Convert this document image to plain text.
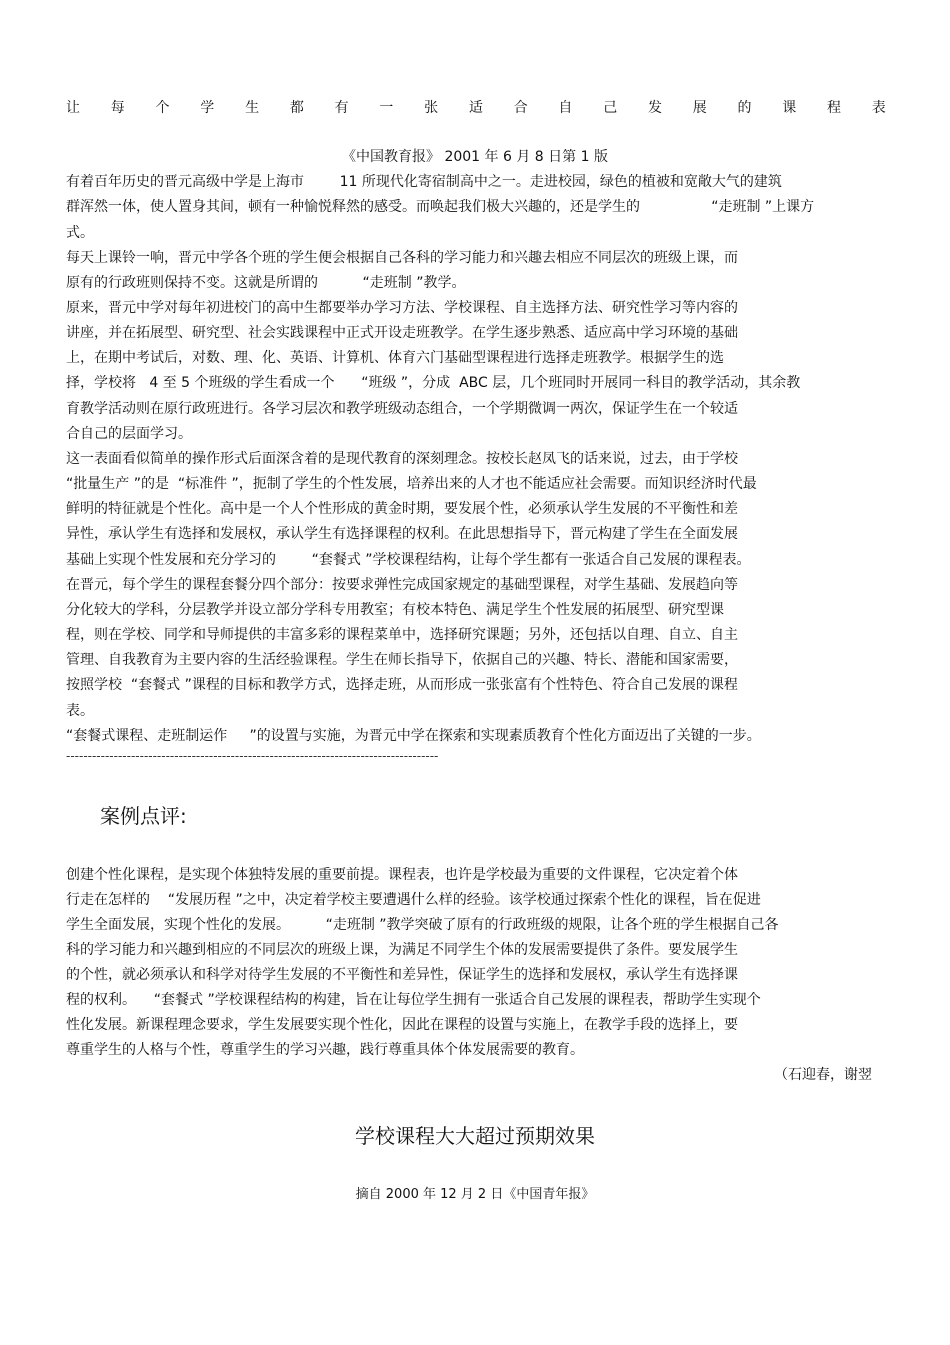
让 每 个 学 生 都 有 一 张 适 合 自 己 发 展 的 课 程 表
《中国教育报》 2001 年 6 月 8 日第 1 版
有着百年历史的晋元高级中学是上海市        11 所现代化寄宿制高中之一。走进校园，绿色的植被和宽敞大气的建筑
群浑然一体，使人置身其间，顿有一种愉悦释然的感受。而唤起我们极大兴趣的，还是学生的                “走班制 ”上课方
式。
每天上课铃一响，晋元中学各个班的学生便会根据自己各科的学习能力和兴趣去相应不同层次的班级上课，而
原有的行政班则保持不变。这就是所谓的          “走班制 ”教学。
原来，晋元中学对每年初进校门的高中生都要举办学习方法、学校课程、自主选择方法、研究性学习等内容的
讲座，并在拓展型、研究型、社会实践课程中正式开设走班教学。在学生逐步熟悉、适应高中学习环境的基础
上，在期中考试后，对数、理、化、英语、计算机、体育六门基础型课程进行选择走班教学。根据学生的选
择，学校将   4 至 5 个班级的学生看成一个      “班级 ”，分成  ABC 层，几个班同时开展同一科目的教学活动，其余教
育教学活动则在原行政班进行。各学习层次和教学班级动态组合，一个学期微调一两次，保证学生在一个较适
合自己的层面学习。
这一表面看似简单的操作形式后面深含着的是现代教育的深刻理念。按校长赵凤飞的话来说，过去，由于学校
“批量生产 ”的是  “标准件 ”，扼制了学生的个性发展，培养出来的人才也不能适应社会需要。而知识经济时代最
鲜明的特征就是个性化。高中是一个人个性形成的黄金时期，要发展个性，必须承认学生发展的不平衡性和差
异性，承认学生有选择和发展权，承认学生有选择课程的权利。在此思想指导下，晋元构建了学生在全面发展
基础上实现个性发展和充分学习的        “套餐式 ”学校课程结构，让每个学生都有一张适合自己发展的课程表。
在晋元，每个学生的课程套餐分四个部分：按要求弹性完成国家规定的基础型课程，对学生基础、发展趋向等
分化较大的学科，分层教学并设立部分学科专用教室；有校本特色、满足学生个性发展的拓展型、研究型课
程，则在学校、同学和导师提供的丰富多彩的课程菜单中，选择研究课题；另外，还包括以自理、自立、自主
管理、自我教育为主要内容的生活经验课程。学生在师长指导下，依据自己的兴趣、特长、潜能和国家需要，
按照学校  “套餐式 ”课程的目标和教学方式，选择走班，从而形成一张张富有个性特色、符合自己发展的课程
表。
“套餐式课程、走班制运作     ”的设置与实施，为晋元中学在探索和实现素质教育个性化方面迈出了关键的一步。
--------------------------------------------------------------------------------------
案例点评:
创建个性化课程，是实现个体独特发展的重要前提。课程表，也许是学校最为重要的文件课程，它决定着个体
行走在怎样的    “发展历程 ”之中，决定着学校主要遭遇什么样的经验。该学校通过探索个性化的课程，旨在促进
学生全面发展，实现个性化的发展。        “走班制 ”教学突破了原有的行政班级的规限，让各个班的学生根据自己各
科的学习能力和兴趣到相应的不同层次的班级上课，为满足不同学生个体的发展需要提供了条件。要发展学生
的个性，就必须承认和科学对待学生发展的不平衡性和差异性，保证学生的选择和发展权，承认学生有选择课
程的权利。    “套餐式 ”学校课程结构的构建，旨在让每位学生拥有一张适合自己发展的课程表，帮助学生实现个
性化发展。新课程理念要求，学生发展要实现个性化，因此在课程的设置与实施上，在教学手段的选择上，要
尊重学生的人格与个性，尊重学生的学习兴趣，践行尊重具体个体发展需要的教育。
（石迎春，谢翌
学校课程大大超过预期效果
摘自 2000 年 12 月 2 日《中国青年报》
